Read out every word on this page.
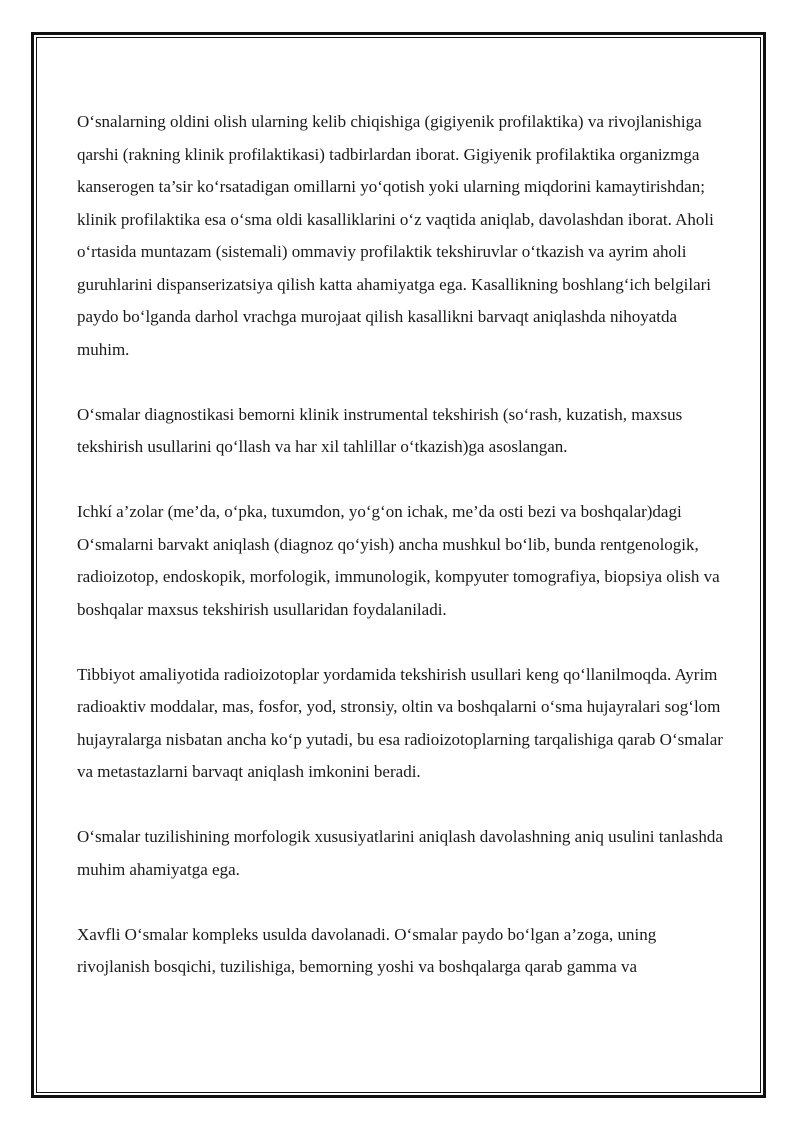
O‘snalarning oldini olish ularning kelib chiqishiga (gigiyenik profilaktika) va rivojlanishiga qarshi (rakning klinik profilaktikasi) tadbirlardan iborat. Gigiyenik profilaktika organizmga kanserogen ta’sir ko‘rsatadigan omillarni yo‘qotish yoki ularning miqdorini kamaytirishdan; klinik profilaktika esa o‘sma oldi kasalliklarini o‘z vaqtida aniqlab, davolashdan iborat. Aholi o‘rtasida muntazam (sistemali) ommaviy profilaktik tekshiruvlar o‘tkazish va ayrim aholi guruhlarini dispanserizatsiya qilish katta ahamiyatga ega. Kasallikning boshlang‘ich belgilari paydo bo‘lganda darhol vrachga murojaat qilish kasallikni barvaqt aniqlashda nihoyatda muhim.

O‘smalar diagnostikasi bemorni klinik instrumental tekshirish (so‘rash, kuzatish, maxsus tekshirish usullarini qo‘llash va har xil tahlillar o‘tkazish)ga asoslangan.

Ichkí a’zolar (me’da, o‘pka, tuxumdon, yo‘g‘on ichak, me’da osti bezi va boshqalar)dagi O‘smalarni barvakt aniqlash (diagnoz qo‘yish) ancha mushkul bo‘lib, bunda rentgenologik, radioizotop, endoskopik, morfologik, immunologik, kompyuter tomografiya, biopsiya olish va boshqalar maxsus tekshirish usullaridan foydalaniladi.

Tibbiyot amaliyotida radioizotoplar yordamida tekshirish usullari keng qo‘llanilmoqda. Ayrim radioaktiv moddalar, mas, fosfor, yod, stronsiy, oltin va boshqalarni o‘sma hujayralari sog‘lom hujayralarga nisbatan ancha ko‘p yutadi, bu esa radioizotoplarning tarqalishiga qarab O‘smalar va metastazlarni barvaqt aniqlash imkonini beradi.

O‘smalar tuzilishining morfologik xususiyatlarini aniqlash davolashning aniq usulini tanlashda muhim ahamiyatga ega.

Xavfli O‘smalar kompleks usulda davolanadi. O‘smalar paydo bo‘lgan a’zoga, uning rivojlanish bosqichi, tuzilishiga, bemorning yoshi va boshqalarga qarab gamma va
